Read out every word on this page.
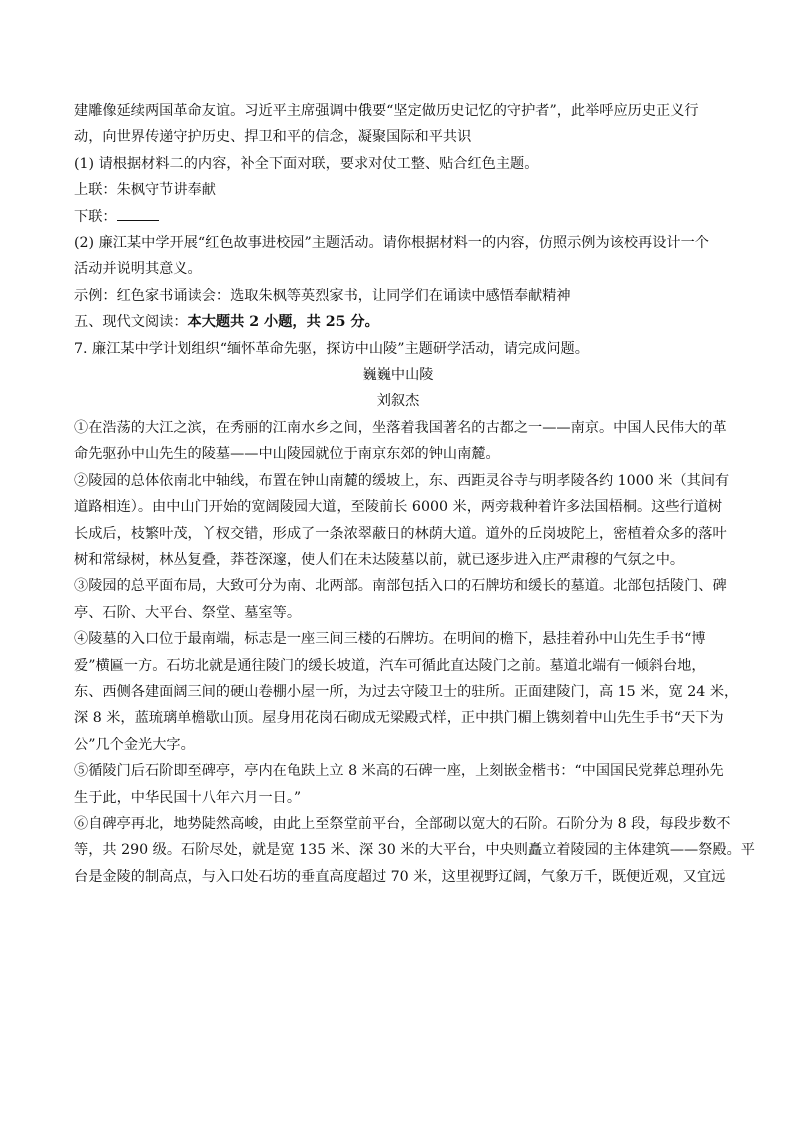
建雕像延续两国革命友谊。习近平主席强调中俄要“坚定做历史记忆的守护者”，此举呼应历史正义行

动，向世界传递守护历史、捍卫和平的信念，凝聚国际和平共识

(1) 请根据材料二的内容，补全下面对联，要求对仗工整、贴合红色主题。

上联：朱枫守节讲奉献

下联：

(2) 廉江某中学开展“红色故事进校园”主题活动。请你根据材料一的内容，仿照示例为该校再设计一个

活动并说明其意义。

示例：红色家书诵读会：选取朱枫等英烈家书，让同学们在诵读中感悟奉献精神

五、现代文阅读：本大题共 2 小题，共 25 分。

7. 廉江某中学计划组织“缅怀革命先驱，探访中山陵”主题研学活动，请完成问题。

巍巍中山陵

刘叙杰

①在浩荡的大江之滨，在秀丽的江南水乡之间，坐落着我国著名的古都之一——南京。中国人民伟大的革

命先驱孙中山先生的陵墓——中山陵园就位于南京东郊的钟山南麓。

②陵园的总体依南北中轴线，布置在钟山南麓的缓坡上，东、西距灵谷寺与明孝陵各约 1000 米（其间有

道路相连）。由中山门开始的宽阔陵园大道，至陵前长 6000 米，两旁栽种着许多法国梧桐。这些行道树

长成后，枝繁叶茂，丫杈交错，形成了一条浓翠蔽日的林荫大道。道外的丘岗坡陀上，密植着众多的落叶

树和常绿树，林丛复叠，莽苍深邃，使人们在未达陵墓以前，就已逐步进入庄严肃穆的气氛之中。

③陵园的总平面布局，大致可分为南、北两部。南部包括入口的石牌坊和缓长的墓道。北部包括陵门、碑

亭、石阶、大平台、祭堂、墓室等。

④陵墓的入口位于最南端，标志是一座三间三楼的石牌坊。在明间的檐下，悬挂着孙中山先生手书“博

爱”横匾一方。石坊北就是通往陵门的缓长坡道，汽车可循此直达陵门之前。墓道北端有一倾斜台地，

东、西侧各建面阔三间的硬山卷棚小屋一所，为过去守陵卫士的驻所。正面建陵门，高 15 米，宽 24 米，

深 8 米，蓝琉璃单檐歇山顶。屋身用花岗石砌成无梁殿式样，正中拱门楣上镌刻着中山先生手书“天下为

公”几个金光大字。

⑤循陵门后石阶即至碑亭，亭内在龟趺上立 8 米高的石碑一座，上刻嵌金楷书：“中国国民党葬总理孙先

生于此，中华民国十八年六月一日。”

⑥自碑亭再北，地势陡然高峻，由此上至祭堂前平台，全部砌以宽大的石阶。石阶分为 8 段，每段步数不

等，共 290 级。石阶尽处，就是宽 135 米、深 30 米的大平台，中央则矗立着陵园的主体建筑——祭殿。平

台是金陵的制高点，与入口处石坊的垂直高度超过 70 米，这里视野辽阔，气象万千，既便近观，又宜远
